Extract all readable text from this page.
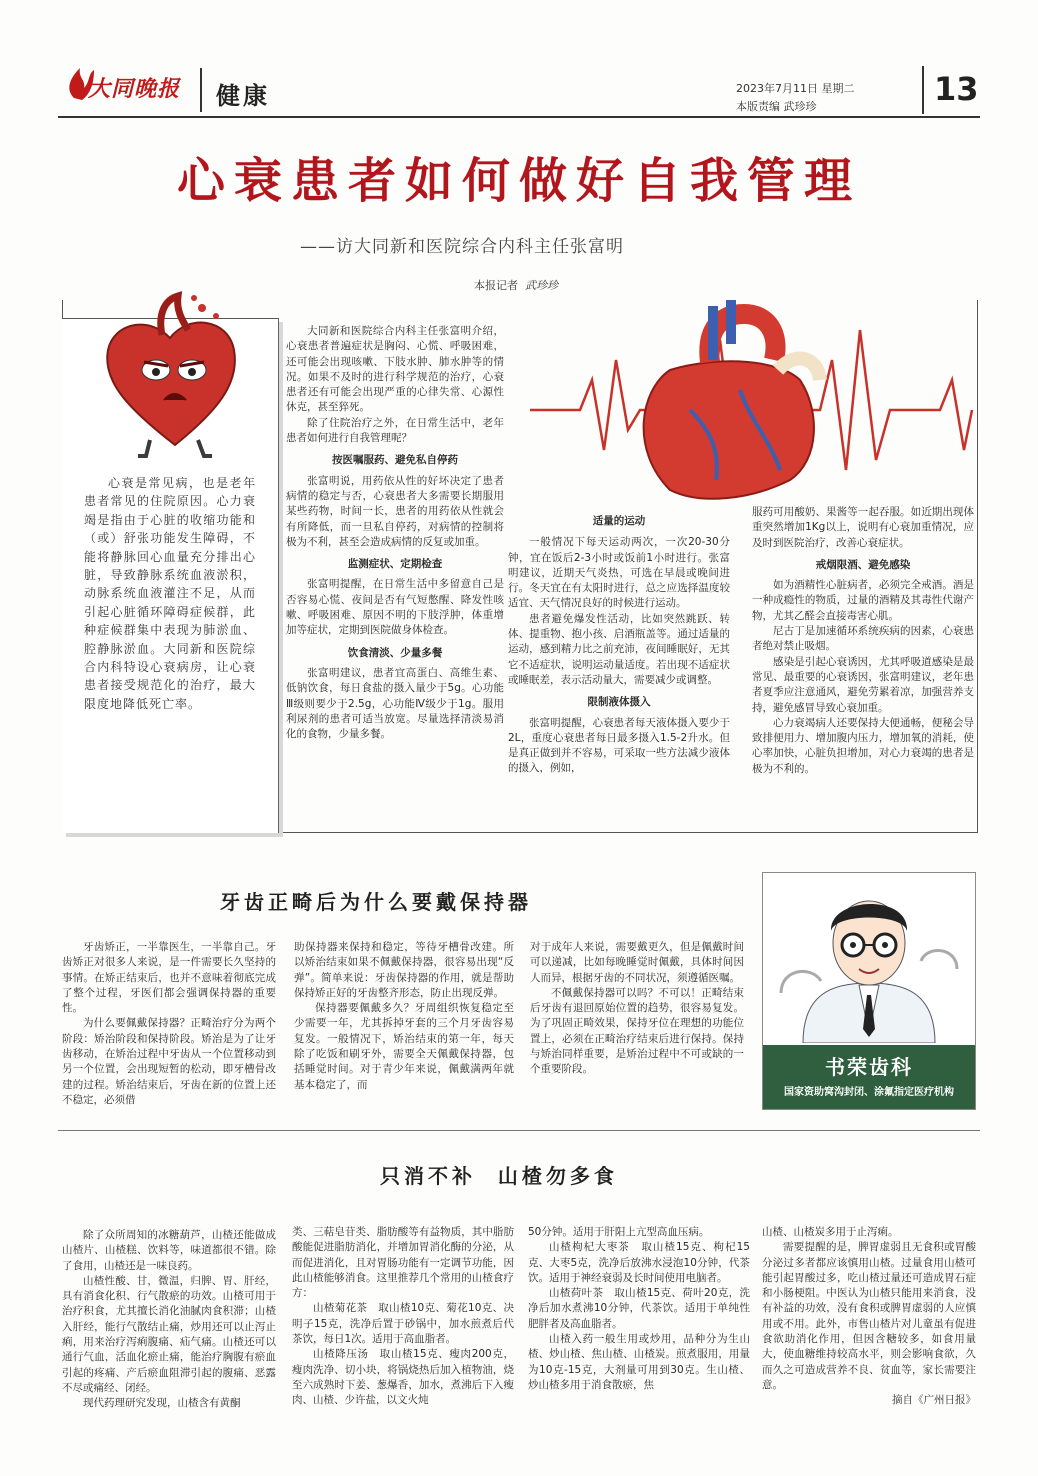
大同晚报 健康	2023年7月11日 星期二
本版责编 武珍珍	13
心衰患者如何做好自我管理
——访大同新和医院综合内科主任张富明
本报记者 武珍珍
心衰是常见病，也是老年患者常见的住院原因。心力衰竭是指由于心脏的收缩功能和（或）舒张功能发生障碍，不能将静脉回心血量充分排出心脏，导致静脉系统血液淤积，动脉系统血液灌注不足，从而引起心脏循环障碍症候群，此种症候群集中表现为肺淤血、腔静脉淤血。大同新和医院综合内科特设心衰病房，让心衰患者接受规范化的治疗，最大限度地降低死亡率。

大同新和医院综合内科主任张富明介绍，心衰患者普遍症状是胸闷、心慌、呼吸困难，还可能会出现咳嗽、下肢水肿、肺水肿等的情况。如果不及时的进行科学规范的治疗，心衰患者还有可能会出现严重的心律失常、心源性休克，甚至猝死。

除了住院治疗之外，在日常生活中，老年患者如何进行自我管理呢？

按医嘱服药、避免私自停药

张富明说，用药依从性的好坏决定了患者病情的稳定与否，心衰患者大多需要长期服用某些药物，时间一长，患者的用药依从性就会有所降低，而一旦私自停药，对病情的控制将极为不利，甚至会造成病情的反复或加重。

监测症状、定期检查

张富明提醒，在日常生活中多留意自己是否容易心慌、夜间是否有气短憋醒、降发性咳嗽、呼吸困难、原因不明的下肢浮肿，体重增加等症状，定期到医院做身体检查。

饮食清淡、少量多餐

张富明建议，患者宜高蛋白、高维生素、低钠饮食，每日食盐的摄入量少于5g。心功能Ⅲ级则要少于2.5g，心功能Ⅳ级少于1g。服用利尿剂的患者可适当放宽。尽量选择清淡易消化的食物，少量多餐。

适量的运动

一般情况下每天运动两次，一次20-30分钟，宜在饭后2-3小时或饭前1小时进行。张富明建议，近期天气炎热，可选在早晨或晚间进行。冬天宜在有太阳时进行，总之应选择温度较适宜、天气情况良好的时候进行运动。

患者避免爆发性活动，比如突然跳跃、转体、提重物、抱小孩、启酒瓶盖等。通过适量的运动，感到精力比之前充沛，夜间睡眠好，无其它不适症状，说明运动量适度。若出现不适症状或睡眠差，表示活动量大，需要减少或调整。

限制液体摄入

张富明提醒，心衰患者每天液体摄入要少于2L，重度心衰患者每日最多摄入1.5-2升水。但是真正做到并不容易，可采取一些方法减少液体的摄入，例如，

服药可用酸奶、果酱等一起吞服。如近期出现体重突然增加1Kg以上，说明有心衰加重情况，应及时到医院治疗，改善心衰症状。

戒烟限酒、避免感染

如为酒精性心脏病者，必须完全戒酒。酒是一种成瘾性的物质，过量的酒精及其毒性代谢产物，尤其乙醛会直接毒害心肌。

尼古丁是加速循环系统疾病的因素，心衰患者绝对禁止吸烟。

感染是引起心衰诱因，尤其呼吸道感染是最常见、最重要的心衰诱因，张富明建议，老年患者夏季应注意通风，避免劳累着凉，加强营养支持，避免感冒导致心衰加重。

心力衰竭病人还要保持大便通畅，便秘会导致排便用力、增加腹内压力，增加氧的消耗，使心率加快，心脏负担增加，对心力衰竭的患者是极为不利的。

牙齿正畸后为什么要戴保持器

牙齿矫正，一半靠医生，一半靠自己。牙齿矫正对很多人来说，是一件需要长久坚持的事情。在矫正结束后，也并不意味着彻底完成了整个过程，牙医们都会强调保持器的重要性。

为什么要佩戴保持器？正畸治疗分为两个阶段：矫治阶段和保持阶段。矫治是为了让牙齿移动，在矫治过程中牙齿从一个位置移动到另一个位置，会出现短暂的松动，即牙槽骨改建的过程。矫治结束后，牙齿在新的位置上还不稳定，必须借

助保持器来保持和稳定，等待牙槽骨改建。所以矫治结束如果不佩戴保持器，很容易出现“反弹”。简单来说：牙齿保持器的作用，就是帮助保持矫正好的牙齿整齐形态，防止出现反弹。

保持器要佩戴多久？牙周组织恢复稳定至少需要一年，尤其拆掉牙套的三个月牙齿容易复发。一般情况下，矫治结束的第一年，每天除了吃饭和刷牙外，需要全天佩戴保持器，包括睡觉时间。对于青少年来说，佩戴满两年就基本稳定了，而

对于成年人来说，需要戴更久，但是佩戴时间可以递减，比如每晚睡觉时佩戴，具体时间因人而异，根据牙齿的不同状况，须遵循医嘱。

不佩戴保持器可以吗？不可以！正畸结束后牙齿有退回原始位置的趋势，很容易复发。为了巩固正畸效果，保持牙位在理想的功能位置上，必须在正畸治疗结束后进行保持。保持与矫治同样重要，是矫治过程中不可或缺的一个重要阶段。	书荣齿科
国家资助窝沟封闭、涂氟指定医疗机构
只消不补  山楂勿多食

除了众所周知的冰糖葫芦，山楂还能做成山楂片、山楂糕、饮料等，味道都很不错。除了食用，山楂还是一味良药。

山楂性酸、甘，微温，归脾、胃、肝经，具有消食化积、行气散瘀的功效。山楂可用于治疗积食，尤其擅长消化油腻肉食积滞；山楂入肝经，能行气散结止痛，炒用还可以止泻止痢，用来治疗泻痢腹痛、疝气痛。山楂还可以通行气血，活血化瘀止痛，能治疗胸腹有瘀血引起的疼痛、产后瘀血阻滞引起的腹痛、恶露不尽或痛经、闭经。

现代药理研究发现，山楂含有黄酮

类、三萜皂苷类、脂肪酸等有益物质，其中脂肪酸能促进脂肪消化，并增加胃消化酶的分泌，从而促进消化，且对胃肠功能有一定调节功能，因此山楂能够消食。这里推荐几个常用的山楂食疗方：

山楂菊花茶　取山楂10克、菊花10克、决明子15克，洗净后置于砂锅中，加水煎煮后代茶饮，每日1次。适用于高血脂者。

山楂降压汤　取山楂15克、瘦肉200克，瘦肉洗净、切小块，将锅烧热后加入植物油，烧至六成熟时下姜、葱爆香，加水，煮沸后下入瘦肉、山楂、少许盐，以文火炖

50分钟。适用于肝阳上亢型高血压病。

山楂枸杞大枣茶　取山楂15克、枸杞15克、大枣5克，洗净后放沸水浸泡10分钟，代茶饮。适用于神经衰弱及长时间使用电脑者。

山楂荷叶茶　取山楂15克、荷叶20克，洗净后加水煮沸10分钟，代茶饮。适用于单纯性肥胖者及高血脂者。

山楂入药一般生用或炒用，品种分为生山楂、炒山楂、焦山楂、山楂炭。煎煮服用，用量为10克-15克，大剂量可用到30克。生山楂、炒山楂多用于消食散瘀，焦

山楂、山楂炭多用于止泻痢。

需要提醒的是，脾胃虚弱且无食积或胃酸分泌过多者都应该慎用山楂。过量食用山楂可能引起胃酸过多，吃山楂过量还可造成胃石症和小肠梗阻。中医认为山楂只能用来消食，没有补益的功效，没有食积或脾胃虚弱的人应慎用或不用。此外，市售山楂片对儿童虽有促进食欲助消化作用，但因含糖较多，如食用量大，使血糖维持较高水平，则会影响食欲，久而久之可造成营养不良、贫血等，家长需要注意。

摘自《广州日报》
